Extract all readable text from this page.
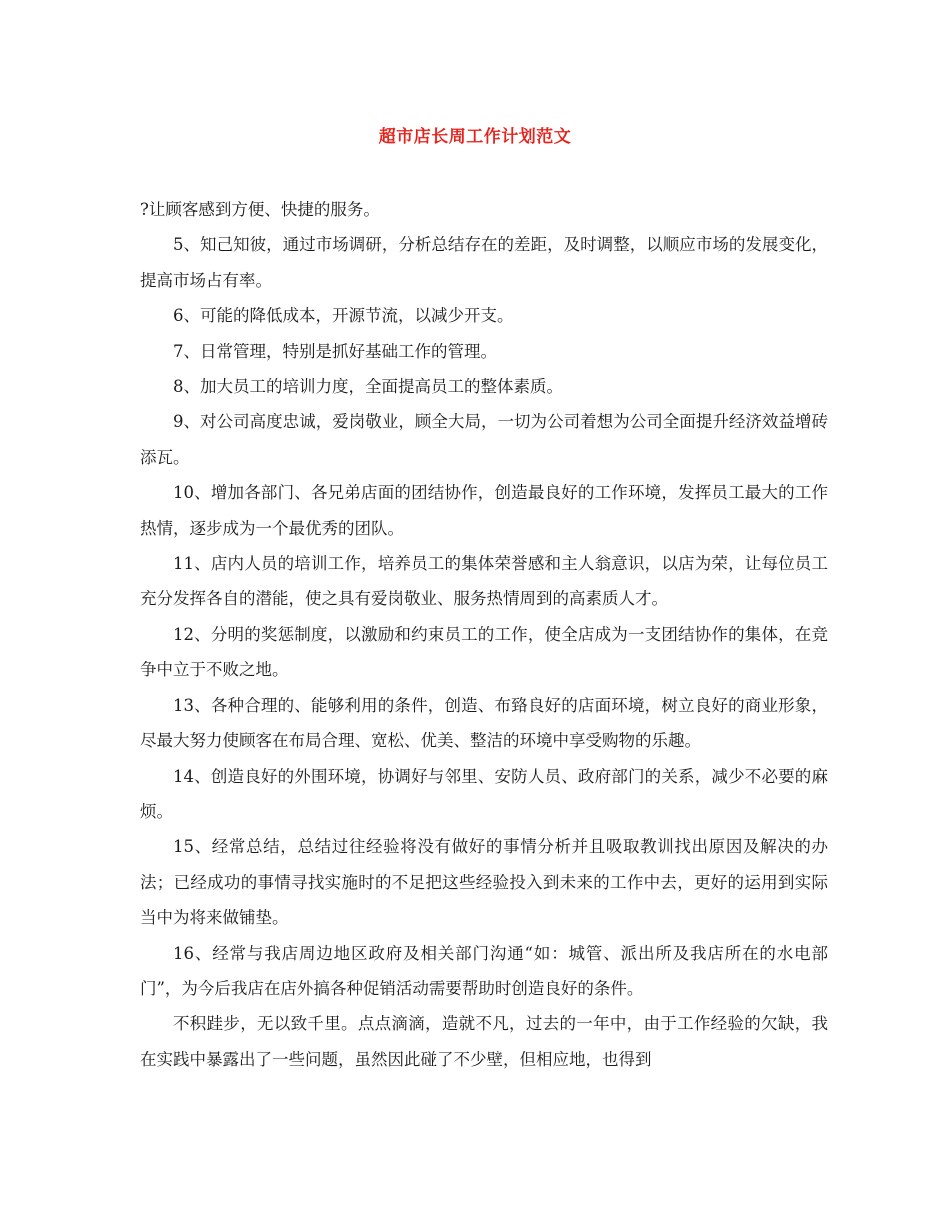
超市店长周工作计划范文

?让顾客感到方便、快捷的服务。

5、知己知彼，通过市场调研，分析总结存在的差距，及时调整，以顺应市场的发展变化，提高市场占有率。

6、可能的降低成本，开源节流，以减少开支。

7、日常管理，特别是抓好基础工作的管理。

8、加大员工的培训力度，全面提高员工的整体素质。

9、对公司高度忠诚，爱岗敬业，顾全大局，一切为公司着想为公司全面提升经济效益增砖添瓦。

10、增加各部门、各兄弟店面的团结协作，创造最良好的工作环境，发挥员工最大的工作热情，逐步成为一个最优秀的团队。

11、店内人员的培训工作，培养员工的集体荣誉感和主人翁意识，以店为荣，让每位员工充分发挥各自的潜能，使之具有爱岗敬业、服务热情周到的高素质人才。

12、分明的奖惩制度，以激励和约束员工的工作，使全店成为一支团结协作的集体，在竞争中立于不败之地。

13、各种合理的、能够利用的条件，创造、布臵良好的店面环境，树立良好的商业形象，尽最大努力使顾客在布局合理、宽松、优美、整洁的环境中享受购物的乐趣。

14、创造良好的外围环境，协调好与邻里、安防人员、政府部门的关系，减少不必要的麻烦。

15、经常总结，总结过往经验将没有做好的事情分析并且吸取教训找出原因及解决的办法；已经成功的事情寻找实施时的不足把这些经验投入到未来的工作中去，更好的运用到实际当中为将来做铺垫。

16、经常与我店周边地区政府及相关部门沟通“如：城管、派出所及我店所在的水电部门”，为今后我店在店外搞各种促销活动需要帮助时创造良好的条件。

不积跬步，无以致千里。点点滴滴，造就不凡，过去的一年中，由于工作经验的欠缺，我在实践中暴露出了一些问题，虽然因此碰了不少壁，但相应地，也得到
